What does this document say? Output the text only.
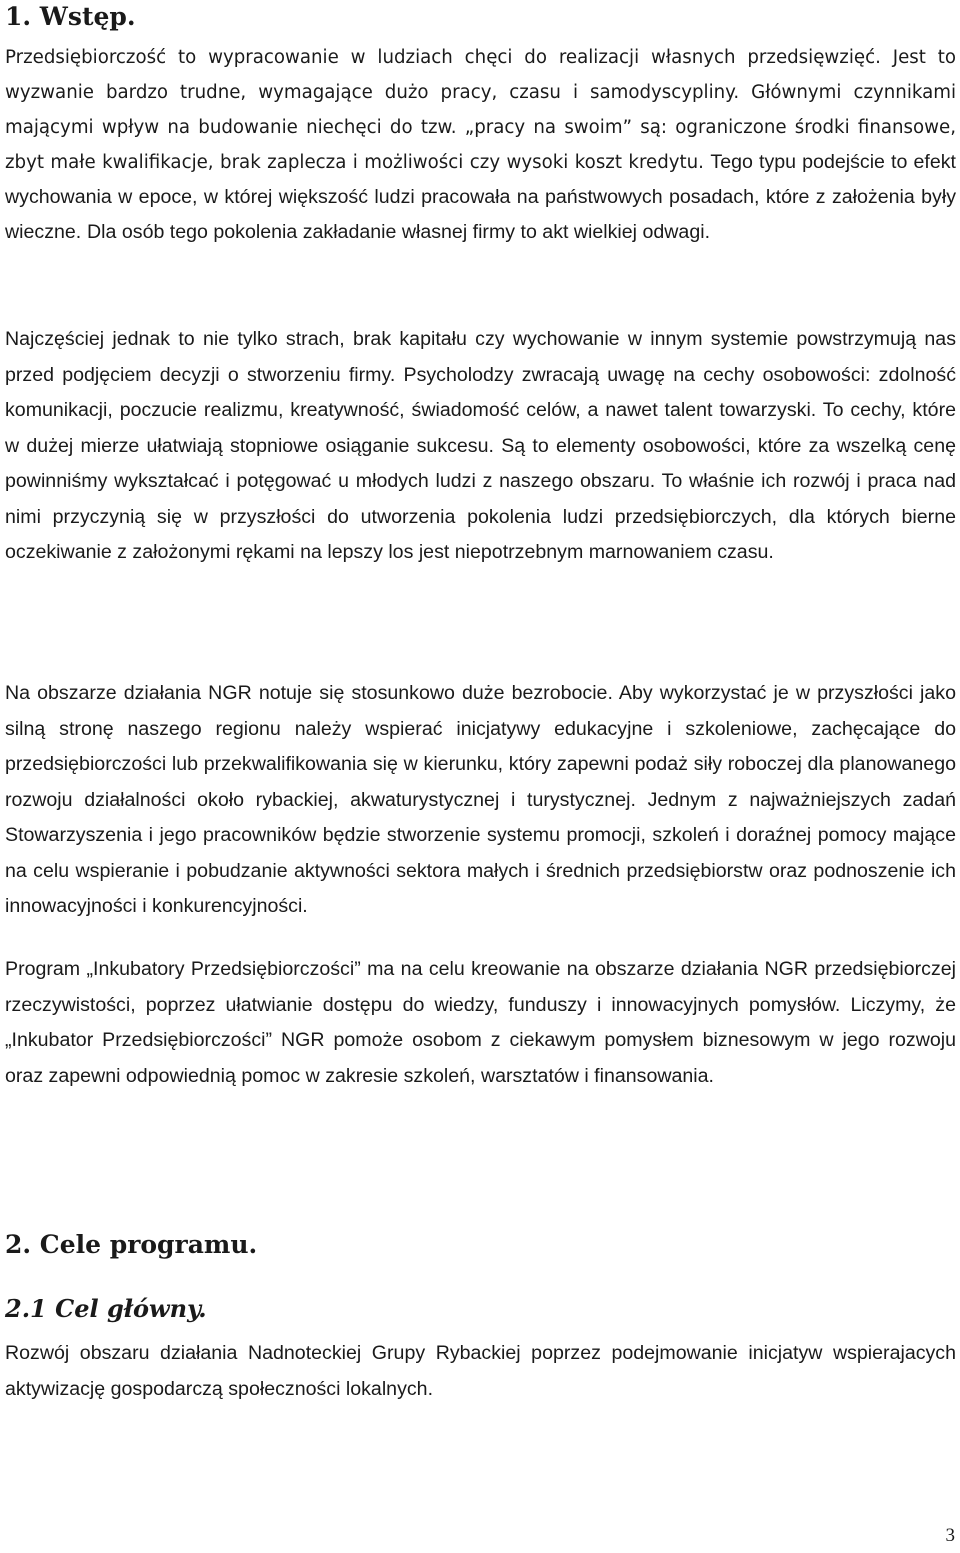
1. Wstęp.

Przedsiębiorczość to wypracowanie w ludziach chęci do realizacji własnych przedsięwzięć. Jest to wyzwanie bardzo trudne, wymagające dużo pracy, czasu i samodyscypliny. Głównymi czynnikami mającymi wpływ na budowanie niechęci do tzw. „pracy na swoim” są: ograniczone środki finansowe, zbyt małe kwalifikacje, brak zaplecza i możliwości czy wysoki koszt kredytu. Tego typu podejście to efekt wychowania w epoce, w której większość ludzi pracowała na państwowych posadach, które z założenia były wieczne. Dla osób tego pokolenia zakładanie własnej firmy to akt wielkiej odwagi.

Najczęściej jednak to nie tylko strach, brak kapitału czy wychowanie w innym systemie powstrzymują nas przed podjęciem decyzji o stworzeniu firmy. Psycholodzy zwracają uwagę na cechy osobowości: zdolność komunikacji, poczucie realizmu, kreatywność, świadomość celów, a nawet talent towarzyski. To cechy, które w dużej mierze ułatwiają stopniowe osiąganie sukcesu. Są to elementy osobowości, które za wszelką cenę powinniśmy wykształcać i potęgować u młodych ludzi z naszego obszaru. To właśnie ich rozwój i praca nad nimi przyczynią się w przyszłości do utworzenia pokolenia ludzi przedsiębiorczych, dla których bierne oczekiwanie z założonymi rękami na lepszy los jest niepotrzebnym marnowaniem czasu.

Na obszarze działania NGR notuje się stosunkowo duże bezrobocie. Aby wykorzystać je w przyszłości jako silną stronę naszego regionu należy wspierać inicjatywy edukacyjne i szkoleniowe, zachęcające do przedsiębiorczości lub przekwalifikowania się w kierunku, który zapewni podaż siły roboczej dla planowanego rozwoju działalności około rybackiej, akwaturystycznej i turystycznej. Jednym z najważniejszych zadań Stowarzyszenia i jego pracowników będzie stworzenie systemu promocji, szkoleń i doraźnej pomocy mające na celu wspieranie i pobudzanie aktywności sektora małych i średnich przedsiębiorstw oraz podnoszenie ich innowacyjności i konkurencyjności.

Program „Inkubatory Przedsiębiorczości” ma na celu kreowanie na obszarze działania NGR przedsiębiorczej rzeczywistości, poprzez ułatwianie dostępu do wiedzy, funduszy i innowacyjnych pomysłów. Liczymy, że „Inkubator Przedsiębiorczości” NGR pomoże osobom z ciekawym pomysłem biznesowym w jego rozwoju oraz zapewni odpowiednią pomoc w zakresie szkoleń, warsztatów i finansowania.

2. Cele programu.
2.1 Cel główny.

Rozwój obszaru działania Nadnoteckiej Grupy Rybackiej poprzez podejmowanie inicjatyw wspierajacych aktywizację gospodarczą społeczności lokalnych.

3
